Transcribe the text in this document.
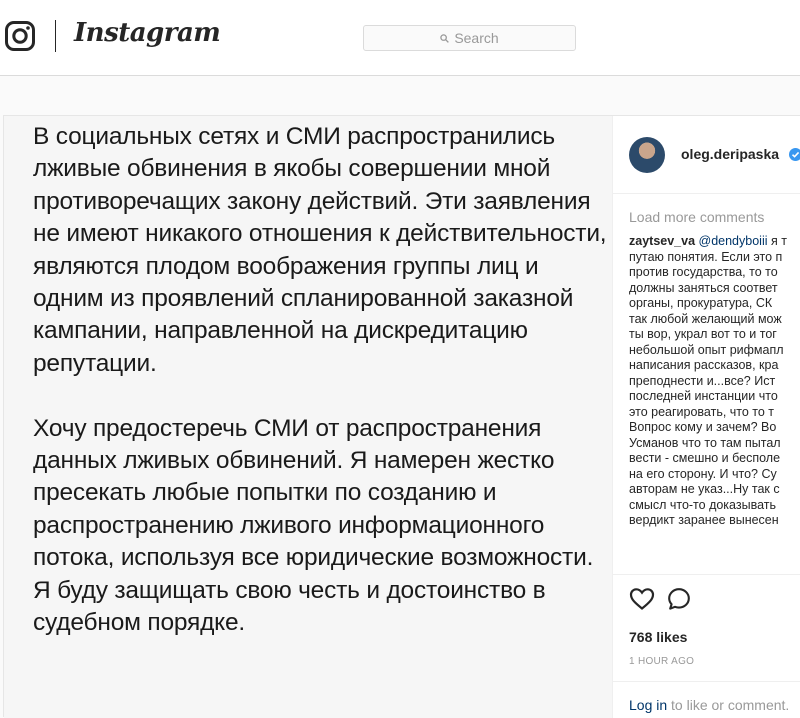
Instagram	Search

В социальных сетях и СМИ распространились лживые обвинения в якобы совершении мной противоречащих закону действий. Эти заявления не имеют никакого отношения к действительности, являются плодом воображения группы лиц и одним из проявлений спланированной заказной кампании, направленной на дискредитацию репутации.

Хочу предостеречь СМИ от распространения данных лживых обвинений. Я намерен жестко пресекать любые попытки по созданию и распространению лживого информационного потока, используя все юридические возможности. Я буду защищать свою честь и достоинство в судебном порядке.

oleg.deripaska
Load more comments
zaytsev_va @dendyboiii я т
путаю понятия. Если это п
против государства, то то
должны заняться соответ
органы, прокуратура, СК
так любой желающий мож
ты вор, украл вот то и тог
небольшой опыт рифмапл
написания рассказов, кра
преподнести и...все? Ист
последней инстанции что
это реагировать, что то т
Вопрос кому и зачем? Во
Усманов что то там пытал
вести - смешно и бесполе
на его сторону. И что? Су
авторам не указ...Ну так с
смысл что-то доказывать
вердикт заранее вынесен
768 likes
1 HOUR AGO
Log in to like or comment.
